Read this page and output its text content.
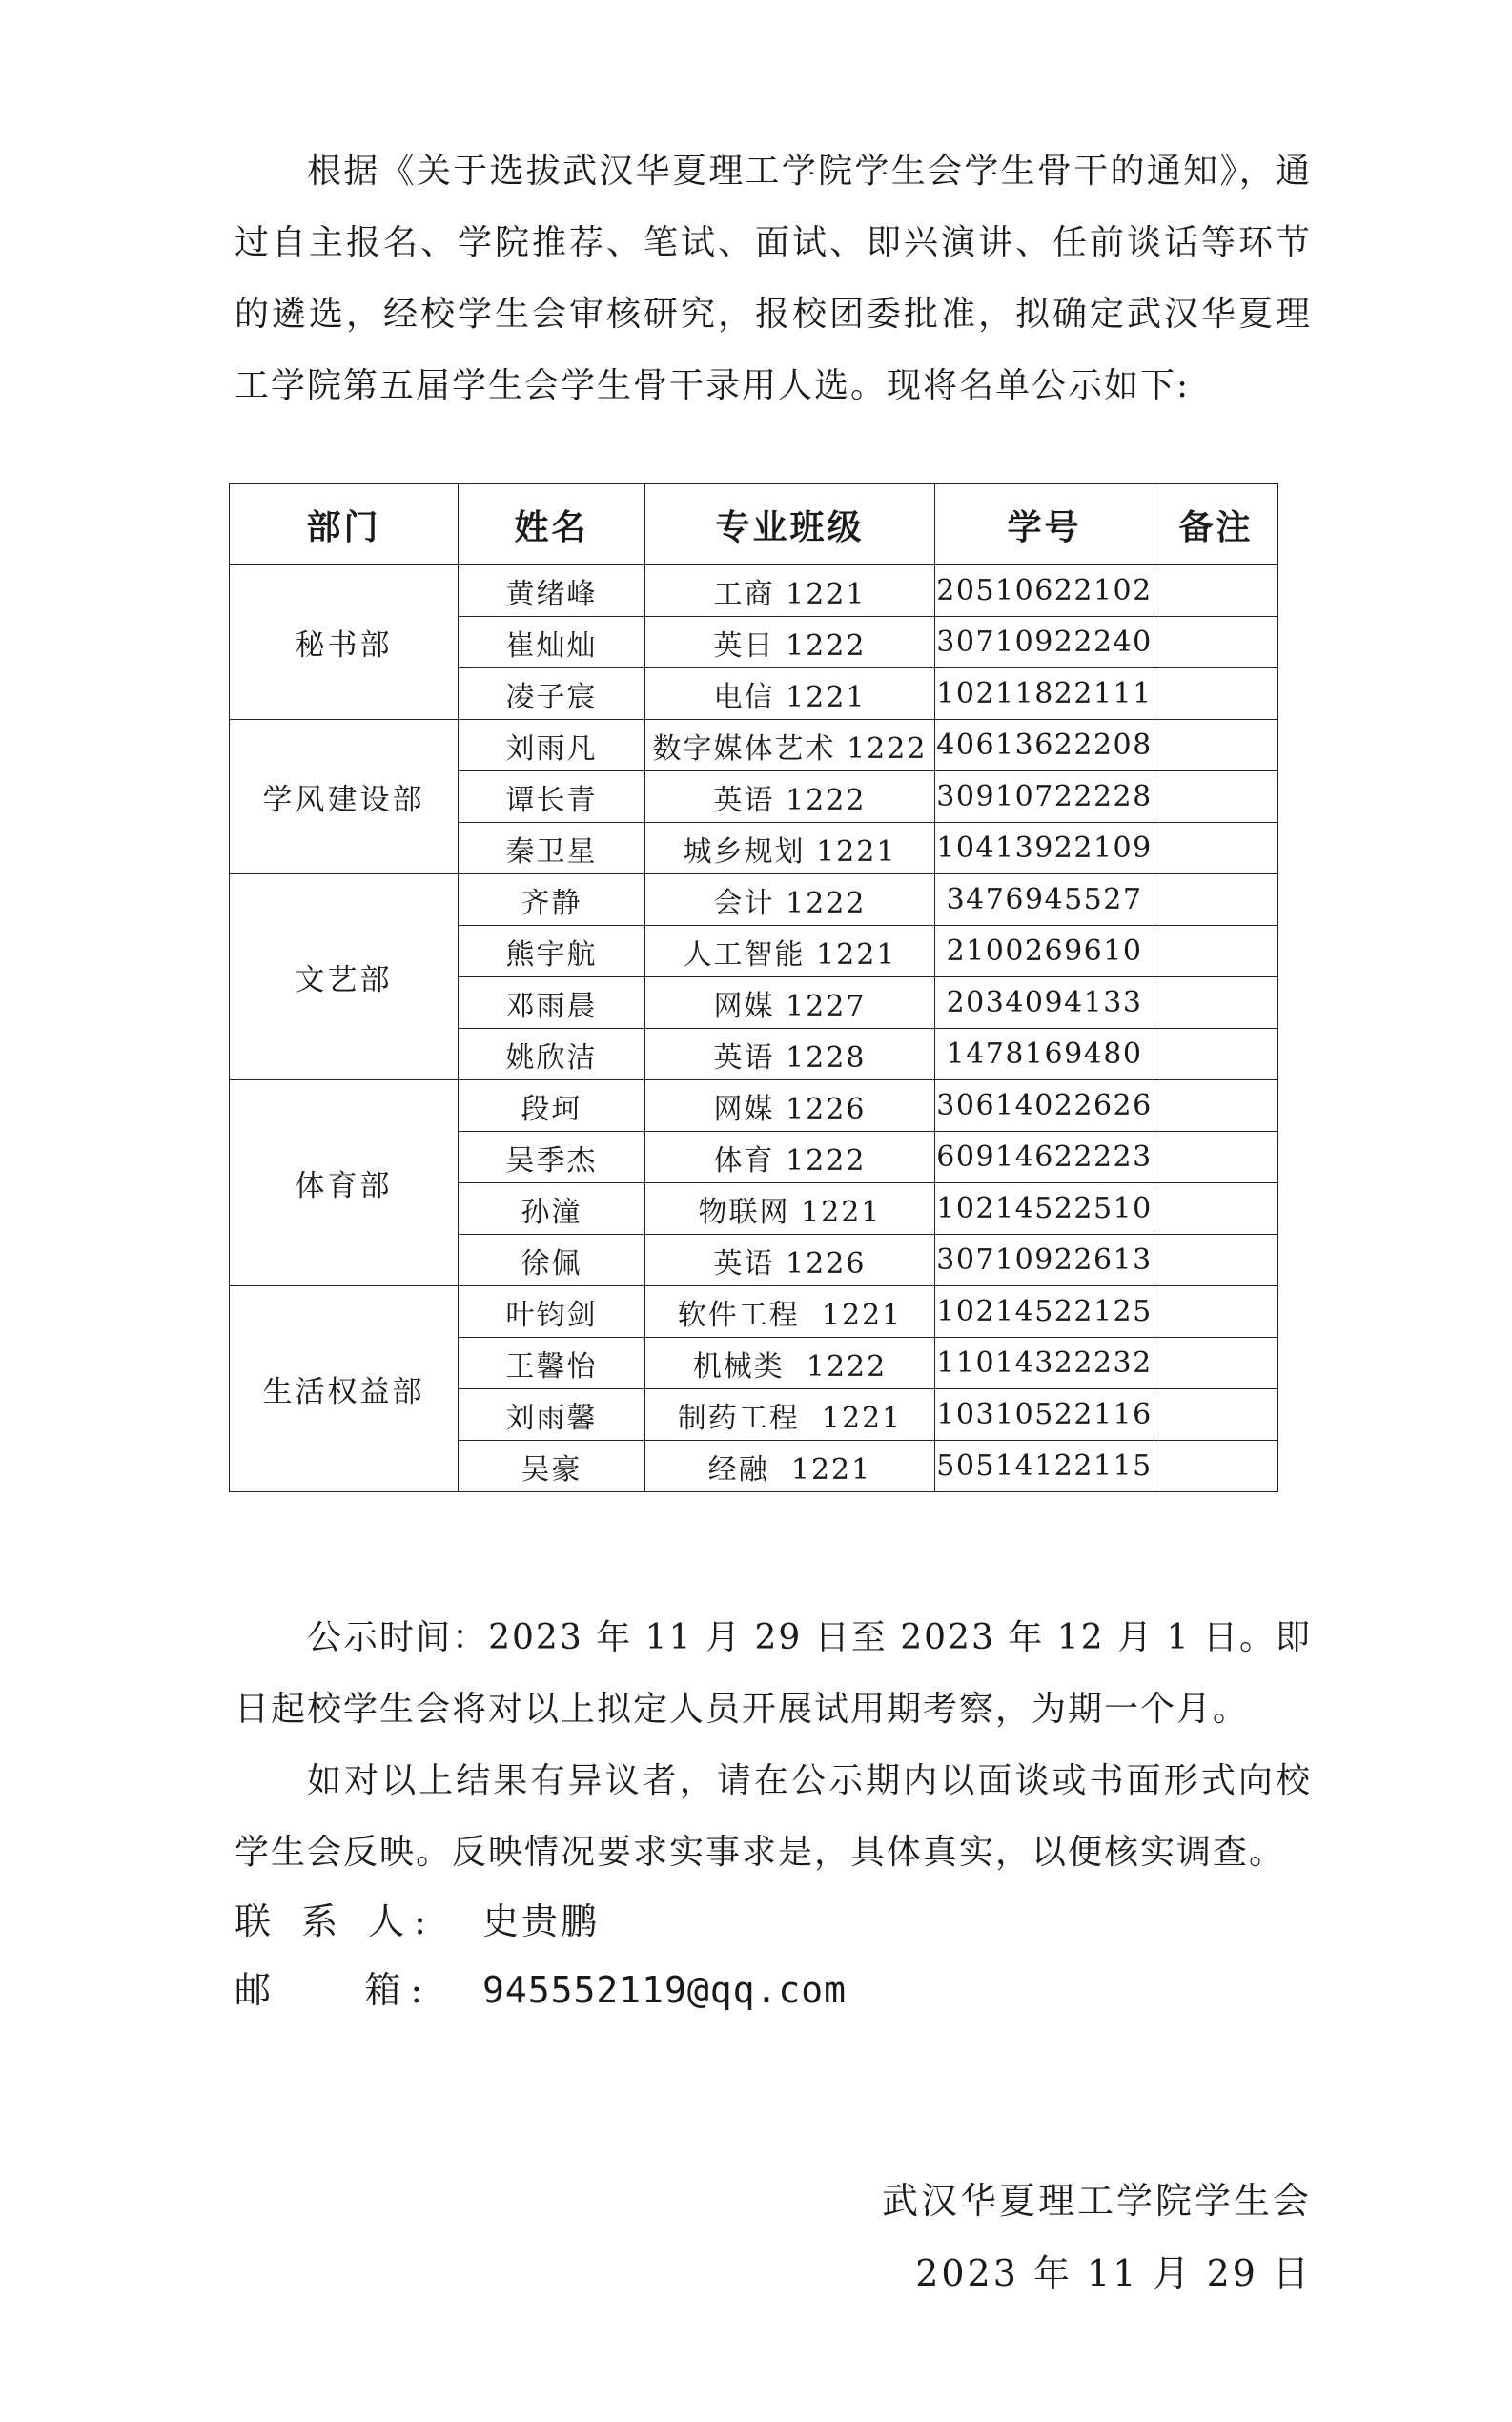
根据《关于选拔武汉华夏理工学院学生会学生骨干的通知》，通过自主报名、学院推荐、笔试、面试、即兴演讲、任前谈话等环节的遴选，经校学生会审核研究，报校团委批准，拟确定武汉华夏理工学院第五届学生会学生骨干录用人选。现将名单公示如下:

部门	姓名	专业班级	学号	备注
秘书部	黄绪峰	工商 1221	20510622102	
	崔灿灿	英日 1222	30710922240	
	凌子宸	电信 1221	10211822111	
学风建设部	刘雨凡	数字媒体艺术 1222	40613622208	
	谭长青	英语 1222	30910722228	
	秦卫星	城乡规划 1221	10413922109	
文艺部	齐静	会计 1222	3476945527	
	熊宇航	人工智能 1221	2100269610	
	邓雨晨	网媒 1227	2034094133	
	姚欣洁	英语 1228	1478169480	
体育部	段珂	网媒 1226	30614022626	
	吴季杰	体育 1222	60914622223	
	孙潼	物联网 1221	10214522510	
	徐佩	英语 1226	30710922613	
生活权益部	叶钧剑	软件工程  1221	10214522125	
	王馨怡	机械类  1222	11014322232	
	刘雨馨	制药工程  1221	10310522116	
	吴豪	经融  1221	50514122115	

公示时间：2023 年 11 月 29 日至 2023 年 12 月 1 日。即日起校学生会将对以上拟定人员开展试用期考察，为期一个月。

如对以上结果有异议者，请在公示期内以面谈或书面形式向校学生会反映。反映情况要求实事求是，具体真实，以便核实调查。

联 系 人: 史贵鹏
邮    箱: 945552119@qq.com
武汉华夏理工学院学生会
2023 年 11 月 29 日
